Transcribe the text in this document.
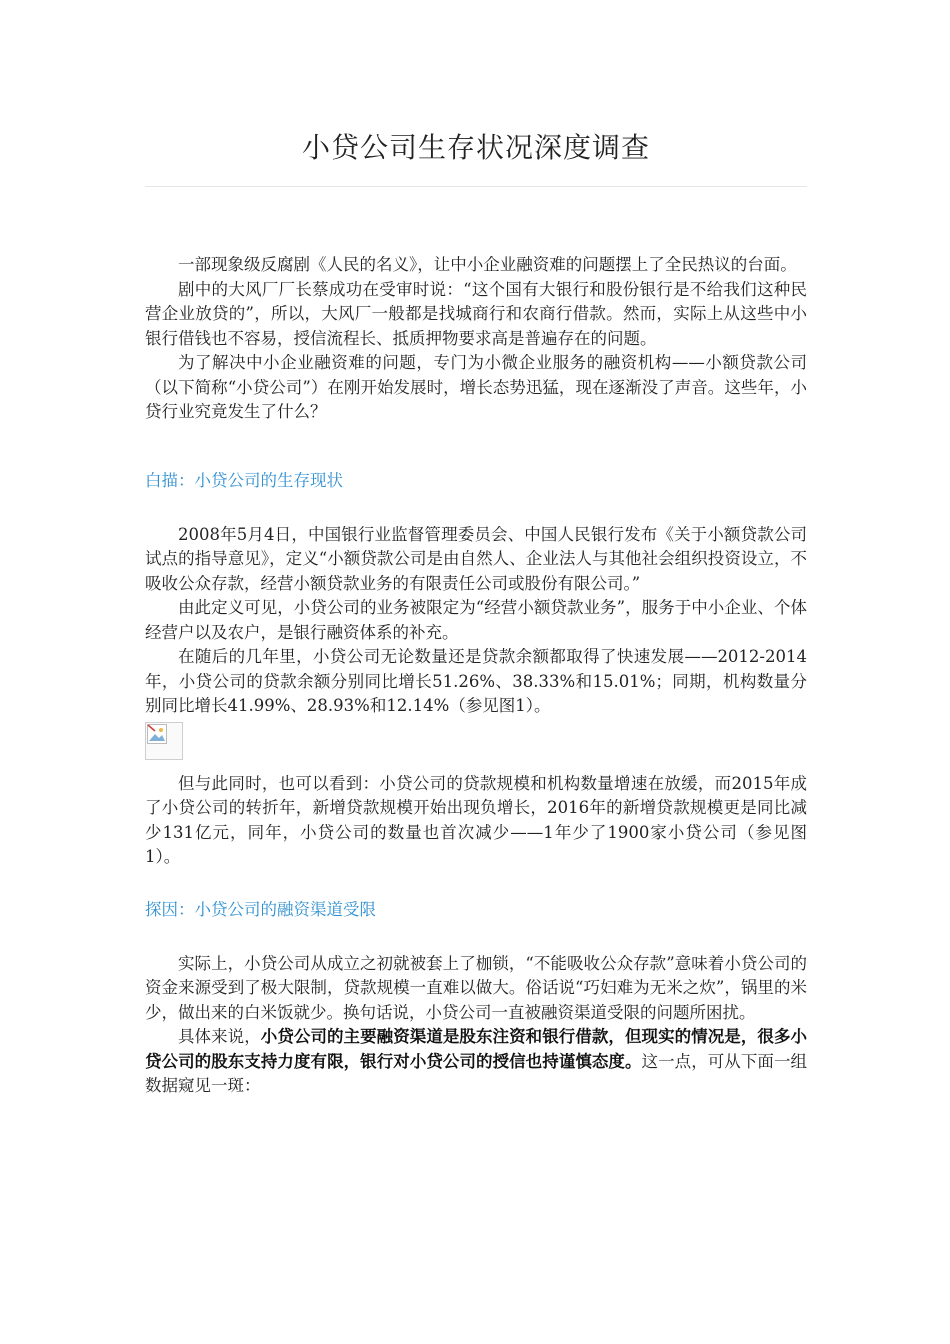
小贷公司生存状况深度调查

一部现象级反腐剧《人民的名义》，让中小企业融资难的问题摆上了全民热议的台面。

剧中的大风厂厂长蔡成功在受审时说：“这个国有大银行和股份银行是不给我们这种民营企业放贷的”，所以，大风厂一般都是找城商行和农商行借款。然而，实际上从这些中小银行借钱也不容易，授信流程长、抵质押物要求高是普遍存在的问题。

为了解决中小企业融资难的问题，专门为小微企业服务的融资机构——小额贷款公司（以下简称“小贷公司”）在刚开始发展时，增长态势迅猛，现在逐渐没了声音。这些年，小贷行业究竟发生了什么？

白描：小贷公司的生存现状

2008年5月4日，中国银行业监督管理委员会、中国人民银行发布《关于小额贷款公司试点的指导意见》，定义“小额贷款公司是由自然人、企业法人与其他社会组织投资设立，不吸收公众存款，经营小额贷款业务的有限责任公司或股份有限公司。”

由此定义可见，小贷公司的业务被限定为“经营小额贷款业务”，服务于中小企业、个体经营户以及农户，是银行融资体系的补充。

在随后的几年里，小贷公司无论数量还是贷款余额都取得了快速发展——2012-2014年，小贷公司的贷款余额分别同比增长51.26%、38.33%和15.01%；同期，机构数量分别同比增长41.99%、28.93%和12.14%（参见图1）。

但与此同时，也可以看到：小贷公司的贷款规模和机构数量增速在放缓，而2015年成了小贷公司的转折年，新增贷款规模开始出现负增长，2016年的新增贷款规模更是同比减少131亿元，同年，小贷公司的数量也首次减少——1年少了1900家小贷公司（参见图1）。

探因：小贷公司的融资渠道受限

实际上，小贷公司从成立之初就被套上了枷锁，“不能吸收公众存款”意味着小贷公司的资金来源受到了极大限制，贷款规模一直难以做大。俗话说“巧妇难为无米之炊”，锅里的米少，做出来的白米饭就少。换句话说，小贷公司一直被融资渠道受限的问题所困扰。

具体来说，小贷公司的主要融资渠道是股东注资和银行借款，但现实的情况是，很多小贷公司的股东支持力度有限，银行对小贷公司的授信也持谨慎态度。这一点，可从下面一组数据窥见一斑：
